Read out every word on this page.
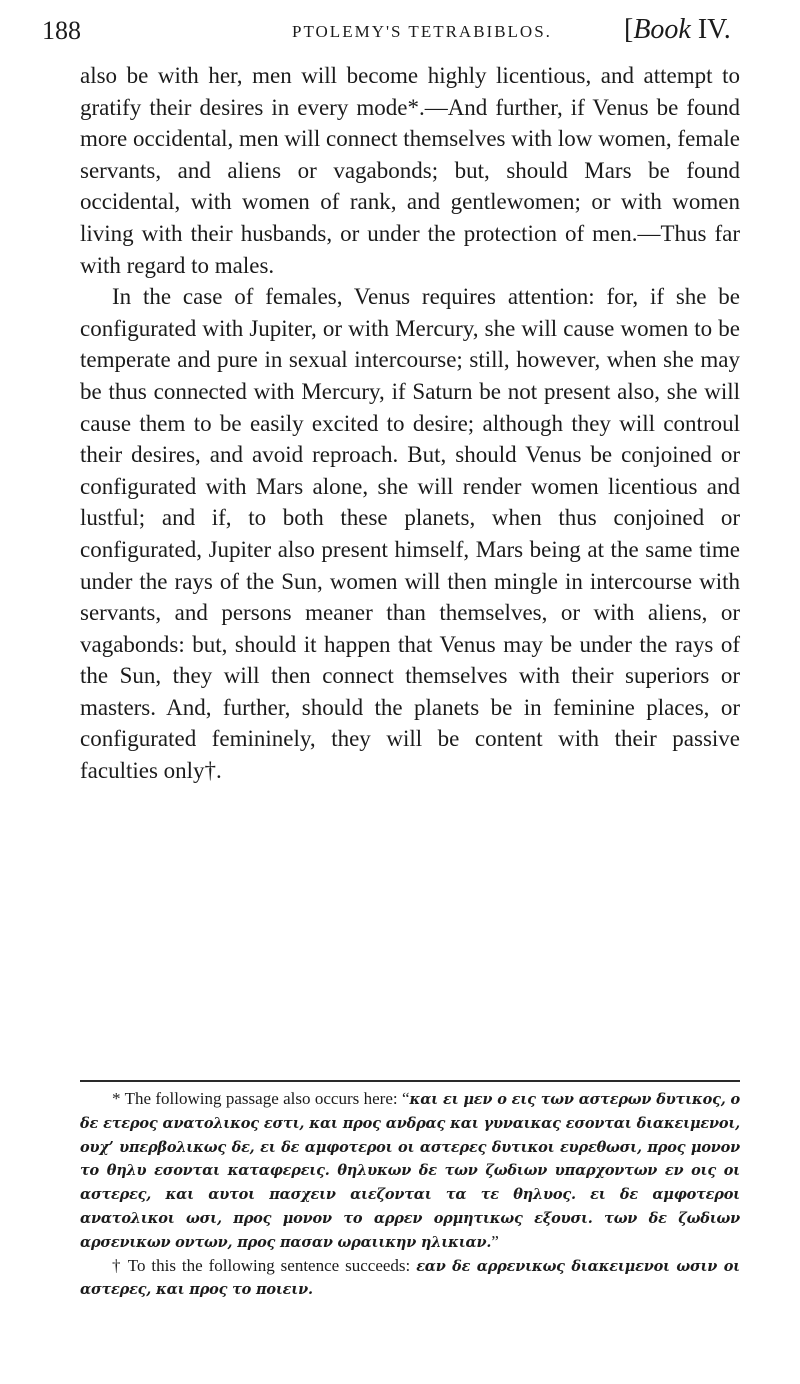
188	PTOLEMY'S TETRABIBLOS.	[Book IV.

also be with her, men will become highly licentious, and attempt to gratify their desires in every mode*.—And further, if Venus be found more occidental, men will connect themselves with low women, female servants, and aliens or vagabonds; but, should Mars be found occidental, with women of rank, and gentlewomen; or with women living with their husbands, or under the protection of men.—Thus far with regard to males.

In the case of females, Venus requires attention: for, if she be configurated with Jupiter, or with Mercury, she will cause women to be temperate and pure in sexual intercourse; still, however, when she may be thus connected with Mercury, if Saturn be not present also, she will cause them to be easily excited to desire; although they will controul their desires, and avoid reproach. But, should Venus be conjoined or configurated with Mars alone, she will render women licentious and lustful; and if, to both these planets, when thus conjoined or configurated, Jupiter also present himself, Mars being at the same time under the rays of the Sun, women will then mingle in intercourse with servants, and persons meaner than themselves, or with aliens, or vagabonds: but, should it happen that Venus may be under the rays of the Sun, they will then connect themselves with their superiors or masters. And, further, should the planets be in feminine places, or configurated femininely, they will be content with their passive faculties only†.

* The following passage also occurs here: “και ει μεν ο εις των αστερων δυτικος, ο δε ετερος ανατολικος εστι, και προς ανδρας και γυναικας εσονται διακειμενοι, ουχ’ υπερβολικως δε, ει δε αμφοτεροι οι αστερες δυτικοι ευρεθωσι, προς μονον το θηλυ εσονται καταφερεις. θηλυκων δε των ζωδιων υπαρχοντων εν οις οι αστερες, και αυτοι πασχειν αιεζονται τα τε θηλυος. ει δε αμφοτεροι ανατολικοι ωσι, προς μονον το αρρεν ορμητικως εξουσι. των δε ζωδιων αρσενικων οντων, προς πασαν ωραιικην ηλικιαν.”

† To this the following sentence succeeds: εαν δε αρρενικως διακειμενοι ωσιν οι αστερες, και προς το ποιειν.
